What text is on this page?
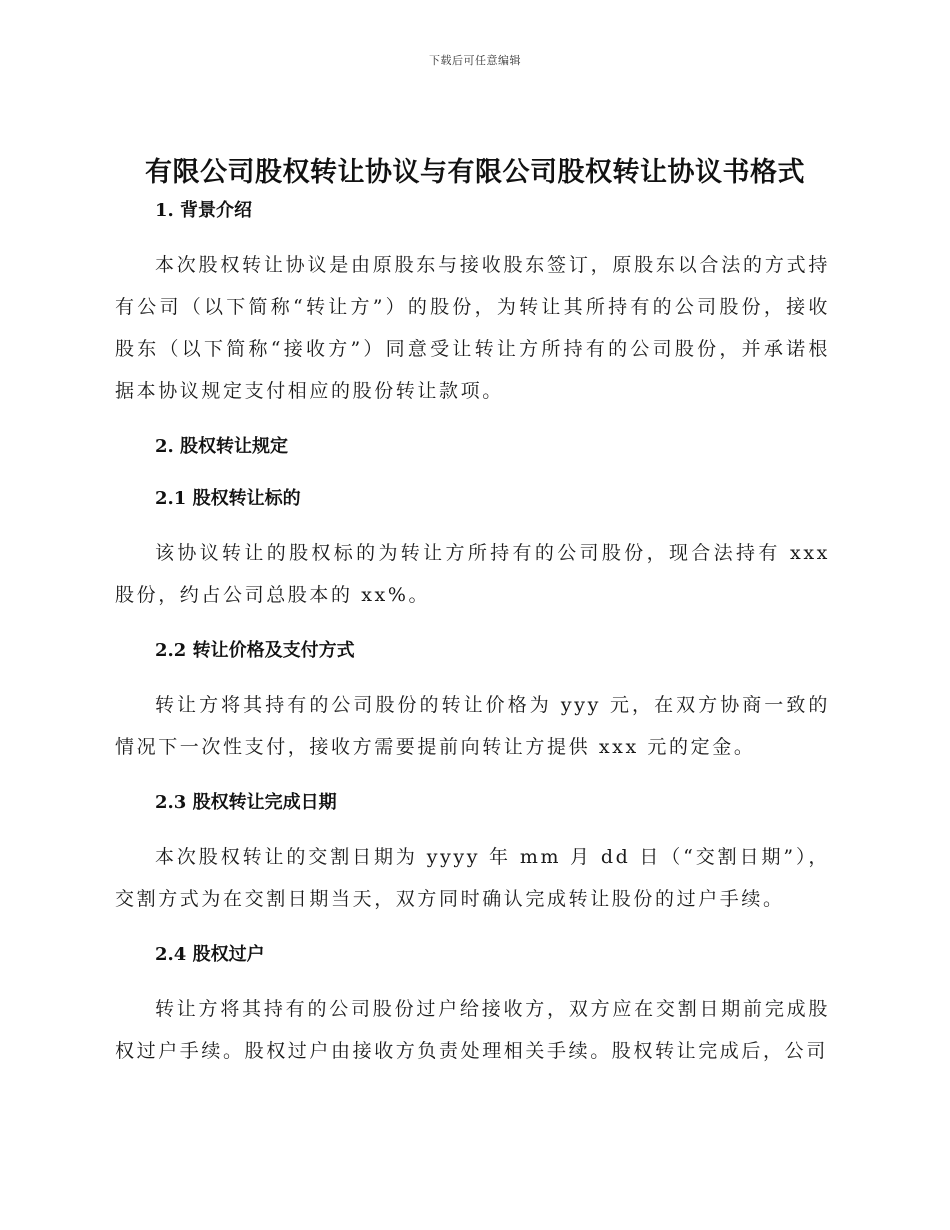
下载后可任意编辑
有限公司股权转让协议与有限公司股权转让协议书格式
1. 背景介绍

本次股权转让协议是由原股东与接收股东签订，原股东以合法的方式持有公司（以下简称“转让方”）的股份，为转让其所持有的公司股份，接收股东（以下简称“接收方”）同意受让转让方所持有的公司股份，并承诺根据本协议规定支付相应的股份转让款项。

2. 股权转让规定
2.1 股权转让标的

该协议转让的股权标的为转让方所持有的公司股份，现合法持有 xxx 股份，约占公司总股本的 xx%。

2.2 转让价格及支付方式

转让方将其持有的公司股份的转让价格为 yyy 元，在双方协商一致的情况下一次性支付，接收方需要提前向转让方提供 xxx 元的定金。

2.3 股权转让完成日期

本次股权转让的交割日期为 yyyy 年 mm 月 dd 日（“交割日期”），交割方式为在交割日期当天，双方同时确认完成转让股份的过户手续。

2.4 股权过户

转让方将其持有的公司股份过户给接收方，双方应在交割日期前完成股权过户手续。股权过户由接收方负责处理相关手续。股权转让完成后，公司
